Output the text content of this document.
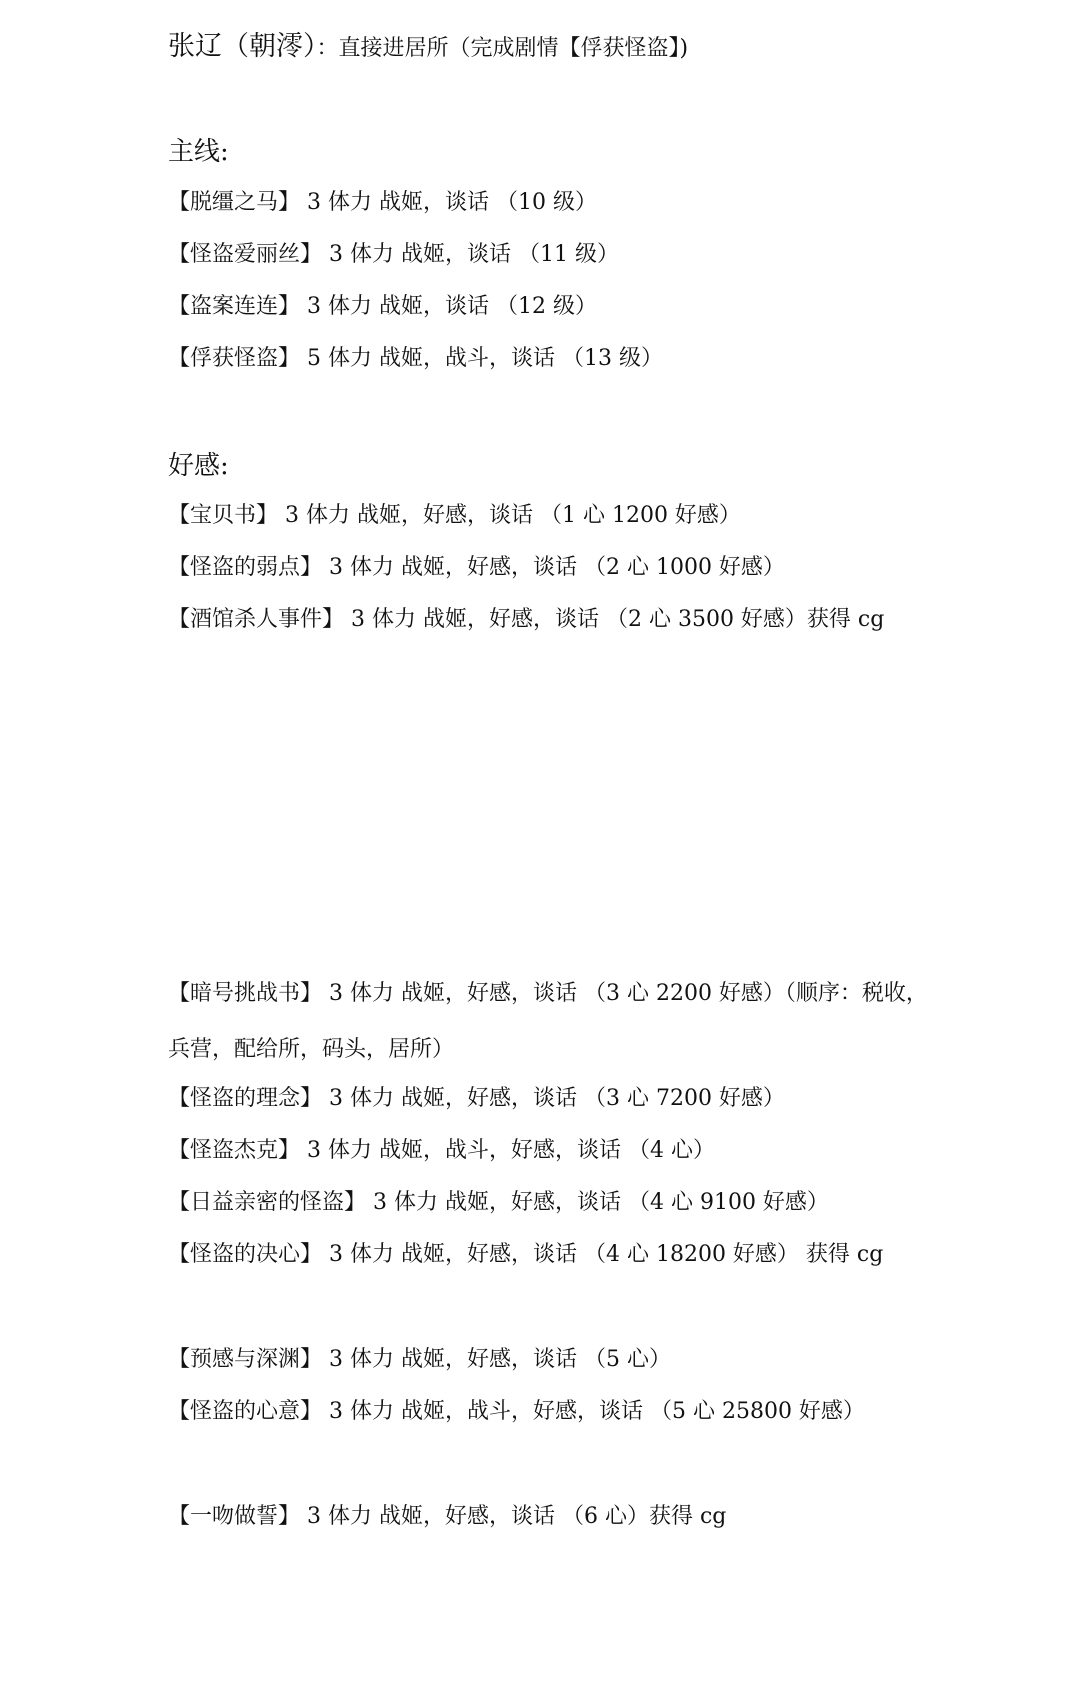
张辽（朝澪）：直接进居所（完成剧情【俘获怪盗】)
主线:
【脱缰之马】 3 体力 战姬，谈话 （10 级）
【怪盗爱丽丝】 3 体力 战姬，谈话 （11 级）
【盗案连连】 3 体力 战姬，谈话 （12 级）
【俘获怪盗】 5 体力 战姬，战斗，谈话 （13 级）
好感:
【宝贝书】 3 体力 战姬，好感，谈话 （1 心 1200 好感）
【怪盗的弱点】 3 体力 战姬，好感，谈话 （2 心 1000 好感）
【酒馆杀人事件】 3 体力 战姬，好感，谈话 （2 心 3500 好感）获得 cg
【暗号挑战书】 3 体力 战姬，好感，谈话 （3 心 2200 好感）（顺序：税收，兵营，配给所，码头，居所）
【怪盗的理念】 3 体力 战姬，好感，谈话 （3 心 7200 好感）
【怪盗杰克】 3 体力 战姬，战斗，好感，谈话 （4 心）
【日益亲密的怪盗】 3 体力 战姬，好感，谈话 （4 心 9100 好感）
【怪盗的决心】 3 体力 战姬，好感，谈话 （4 心 18200 好感） 获得 cg
【预感与深渊】 3 体力 战姬，好感，谈话 （5 心）
【怪盗的心意】 3 体力 战姬，战斗，好感，谈话 （5 心 25800 好感）
【一吻做誓】 3 体力 战姬，好感，谈话 （6 心）获得 cg
